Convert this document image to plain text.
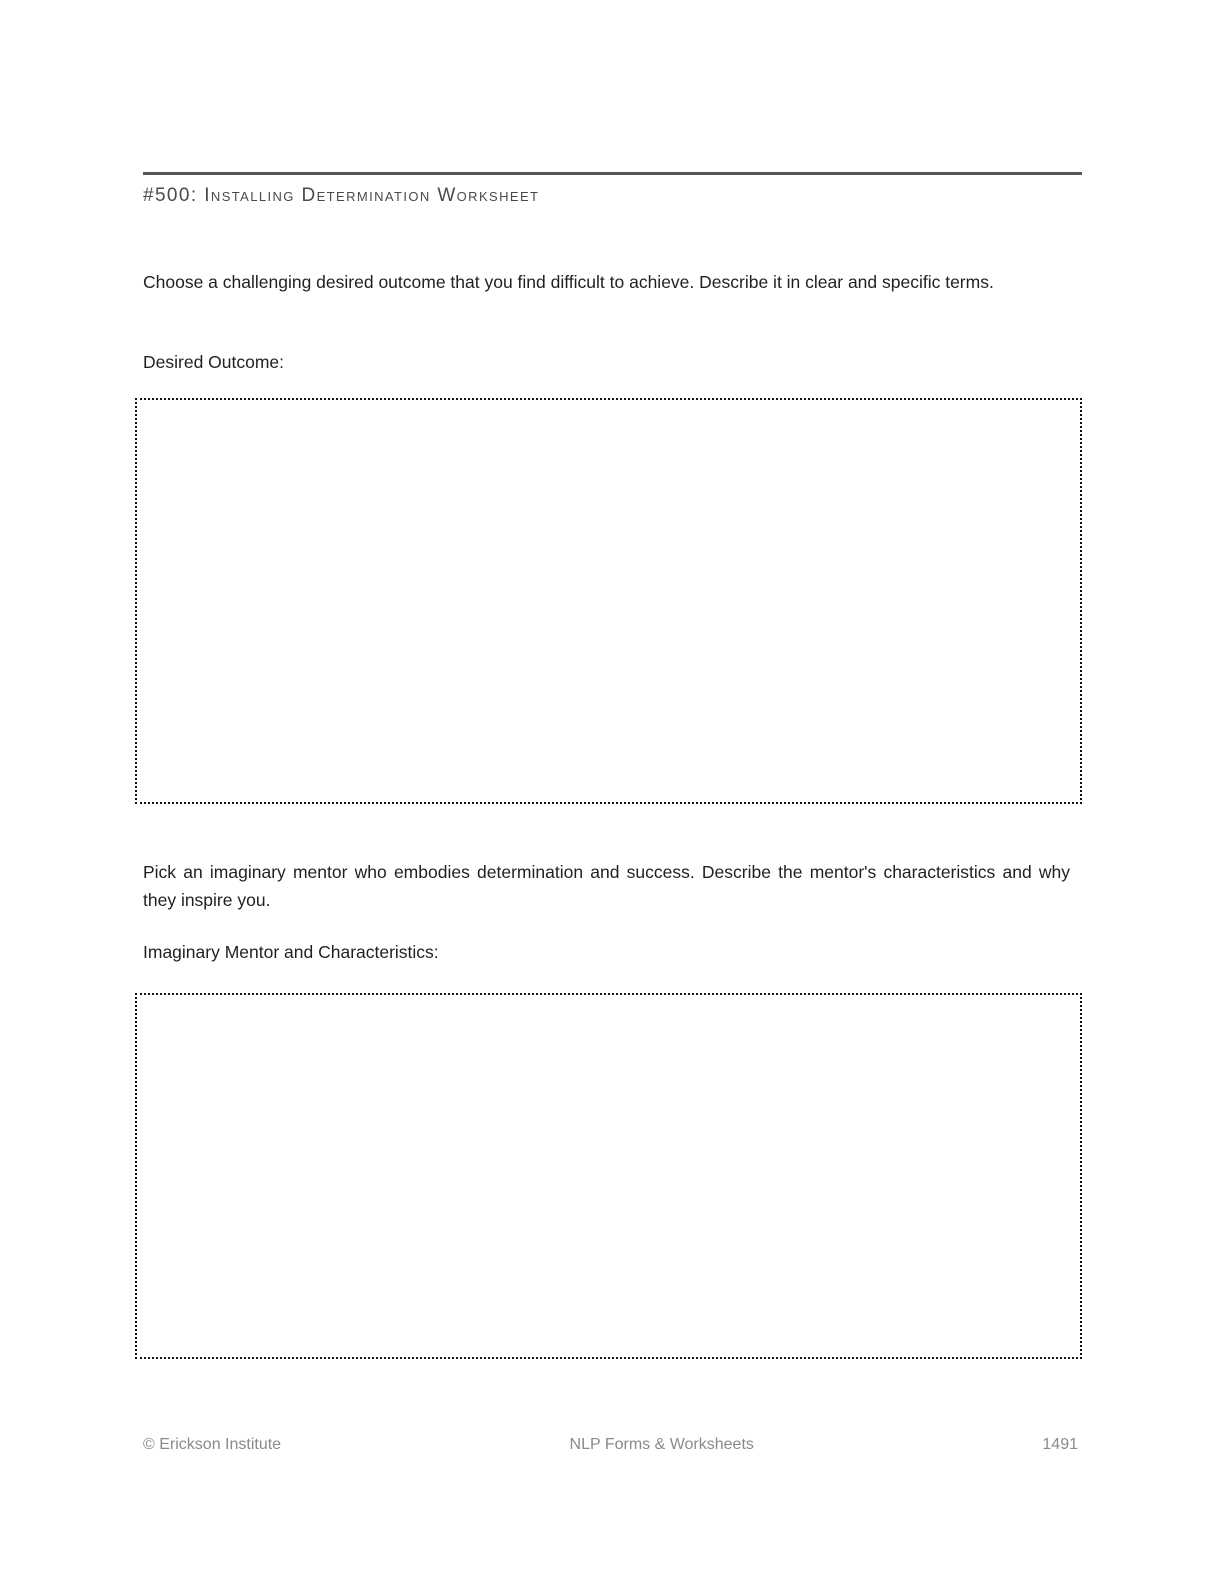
#500: Installing Determination Worksheet
Choose a challenging desired outcome that you find difficult to achieve. Describe it in clear and specific terms.
Desired Outcome:
Pick an imaginary mentor who embodies determination and success. Describe the mentor's characteristics and why they inspire you.
Imaginary Mentor and Characteristics:
© Erickson Institute	NLP Forms & Worksheets	1491
